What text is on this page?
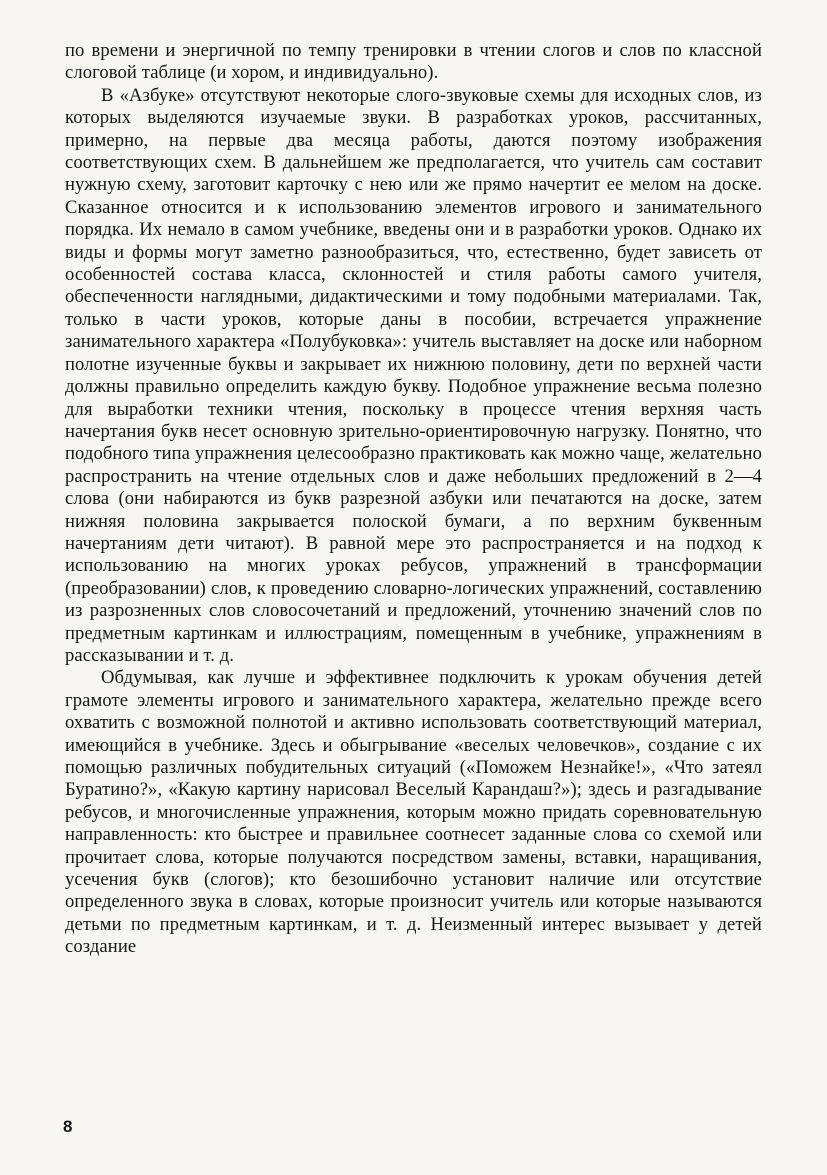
по времени и энергичной по темпу тренировки в чтении слогов и слов по классной слоговой таблице (и хором, и индивидуально).

В «Азбуке» отсутствуют некоторые слого-звуковые схемы для исходных слов, из которых выделяются изучаемые звуки. В разработках уроков, рассчитанных, примерно, на первые два месяца работы, даются поэтому изображения соответствующих схем. В дальнейшем же предполагается, что учитель сам составит нужную схему, заготовит карточку с нею или же прямо начертит ее мелом на доске. Сказанное относится и к использованию элементов игрового и занимательного порядка. Их немало в самом учебнике, введены они и в разработки уроков. Однако их виды и формы могут заметно разнообразиться, что, естественно, будет зависеть от особенностей состава класса, склонностей и стиля работы самого учителя, обеспеченности наглядными, дидактическими и тому подобными материалами. Так, только в части уроков, которые даны в пособии, встречается упражнение занимательного характера «Полубуковка»: учитель выставляет на доске или наборном полотне изученные буквы и закрывает их нижнюю половину, дети по верхней части должны правильно определить каждую букву. Подобное упражнение весьма полезно для выработки техники чтения, поскольку в процессе чтения верхняя часть начертания букв несет основную зрительно-ориентировочную нагрузку. Понятно, что подобного типа упражнения целесообразно практиковать как можно чаще, желательно распространить на чтение отдельных слов и даже небольших предложений в 2—4 слова (они набираются из букв разрезной азбуки или печатаются на доске, затем нижняя половина закрывается полоской бумаги, а по верхним буквенным начертаниям дети читают). В равной мере это распространяется и на подход к использованию на многих уроках ребусов, упражнений в трансформации (преобразовании) слов, к проведению словарно-логических упражнений, составлению из разрозненных слов словосочетаний и предложений, уточнению значений слов по предметным картинкам и иллюстрациям, помещенным в учебнике, упражнениям в рассказывании и т. д.

Обдумывая, как лучше и эффективнее подключить к урокам обучения детей грамоте элементы игрового и занимательного характера, желательно прежде всего охватить с возможной полнотой и активно использовать соответствующий материал, имеющийся в учебнике. Здесь и обыгрывание «веселых человечков», создание с их помощью различных побудительных ситуаций («Поможем Незнайке!», «Что затеял Буратино?», «Какую картину нарисовал Веселый Карандаш?»); здесь и разгадывание ребусов, и многочисленные упражнения, которым можно придать соревновательную направленность: кто быстрее и правильнее соотнесет заданные слова со схемой или прочитает слова, которые получаются посредством замены, вставки, наращивания, усечения букв (слогов); кто безошибочно установит наличие или отсутствие определенного звука в словах, которые произносит учитель или которые называются детьми по предметным картинкам, и т. д. Неизменный интерес вызывает у детей создание

8
